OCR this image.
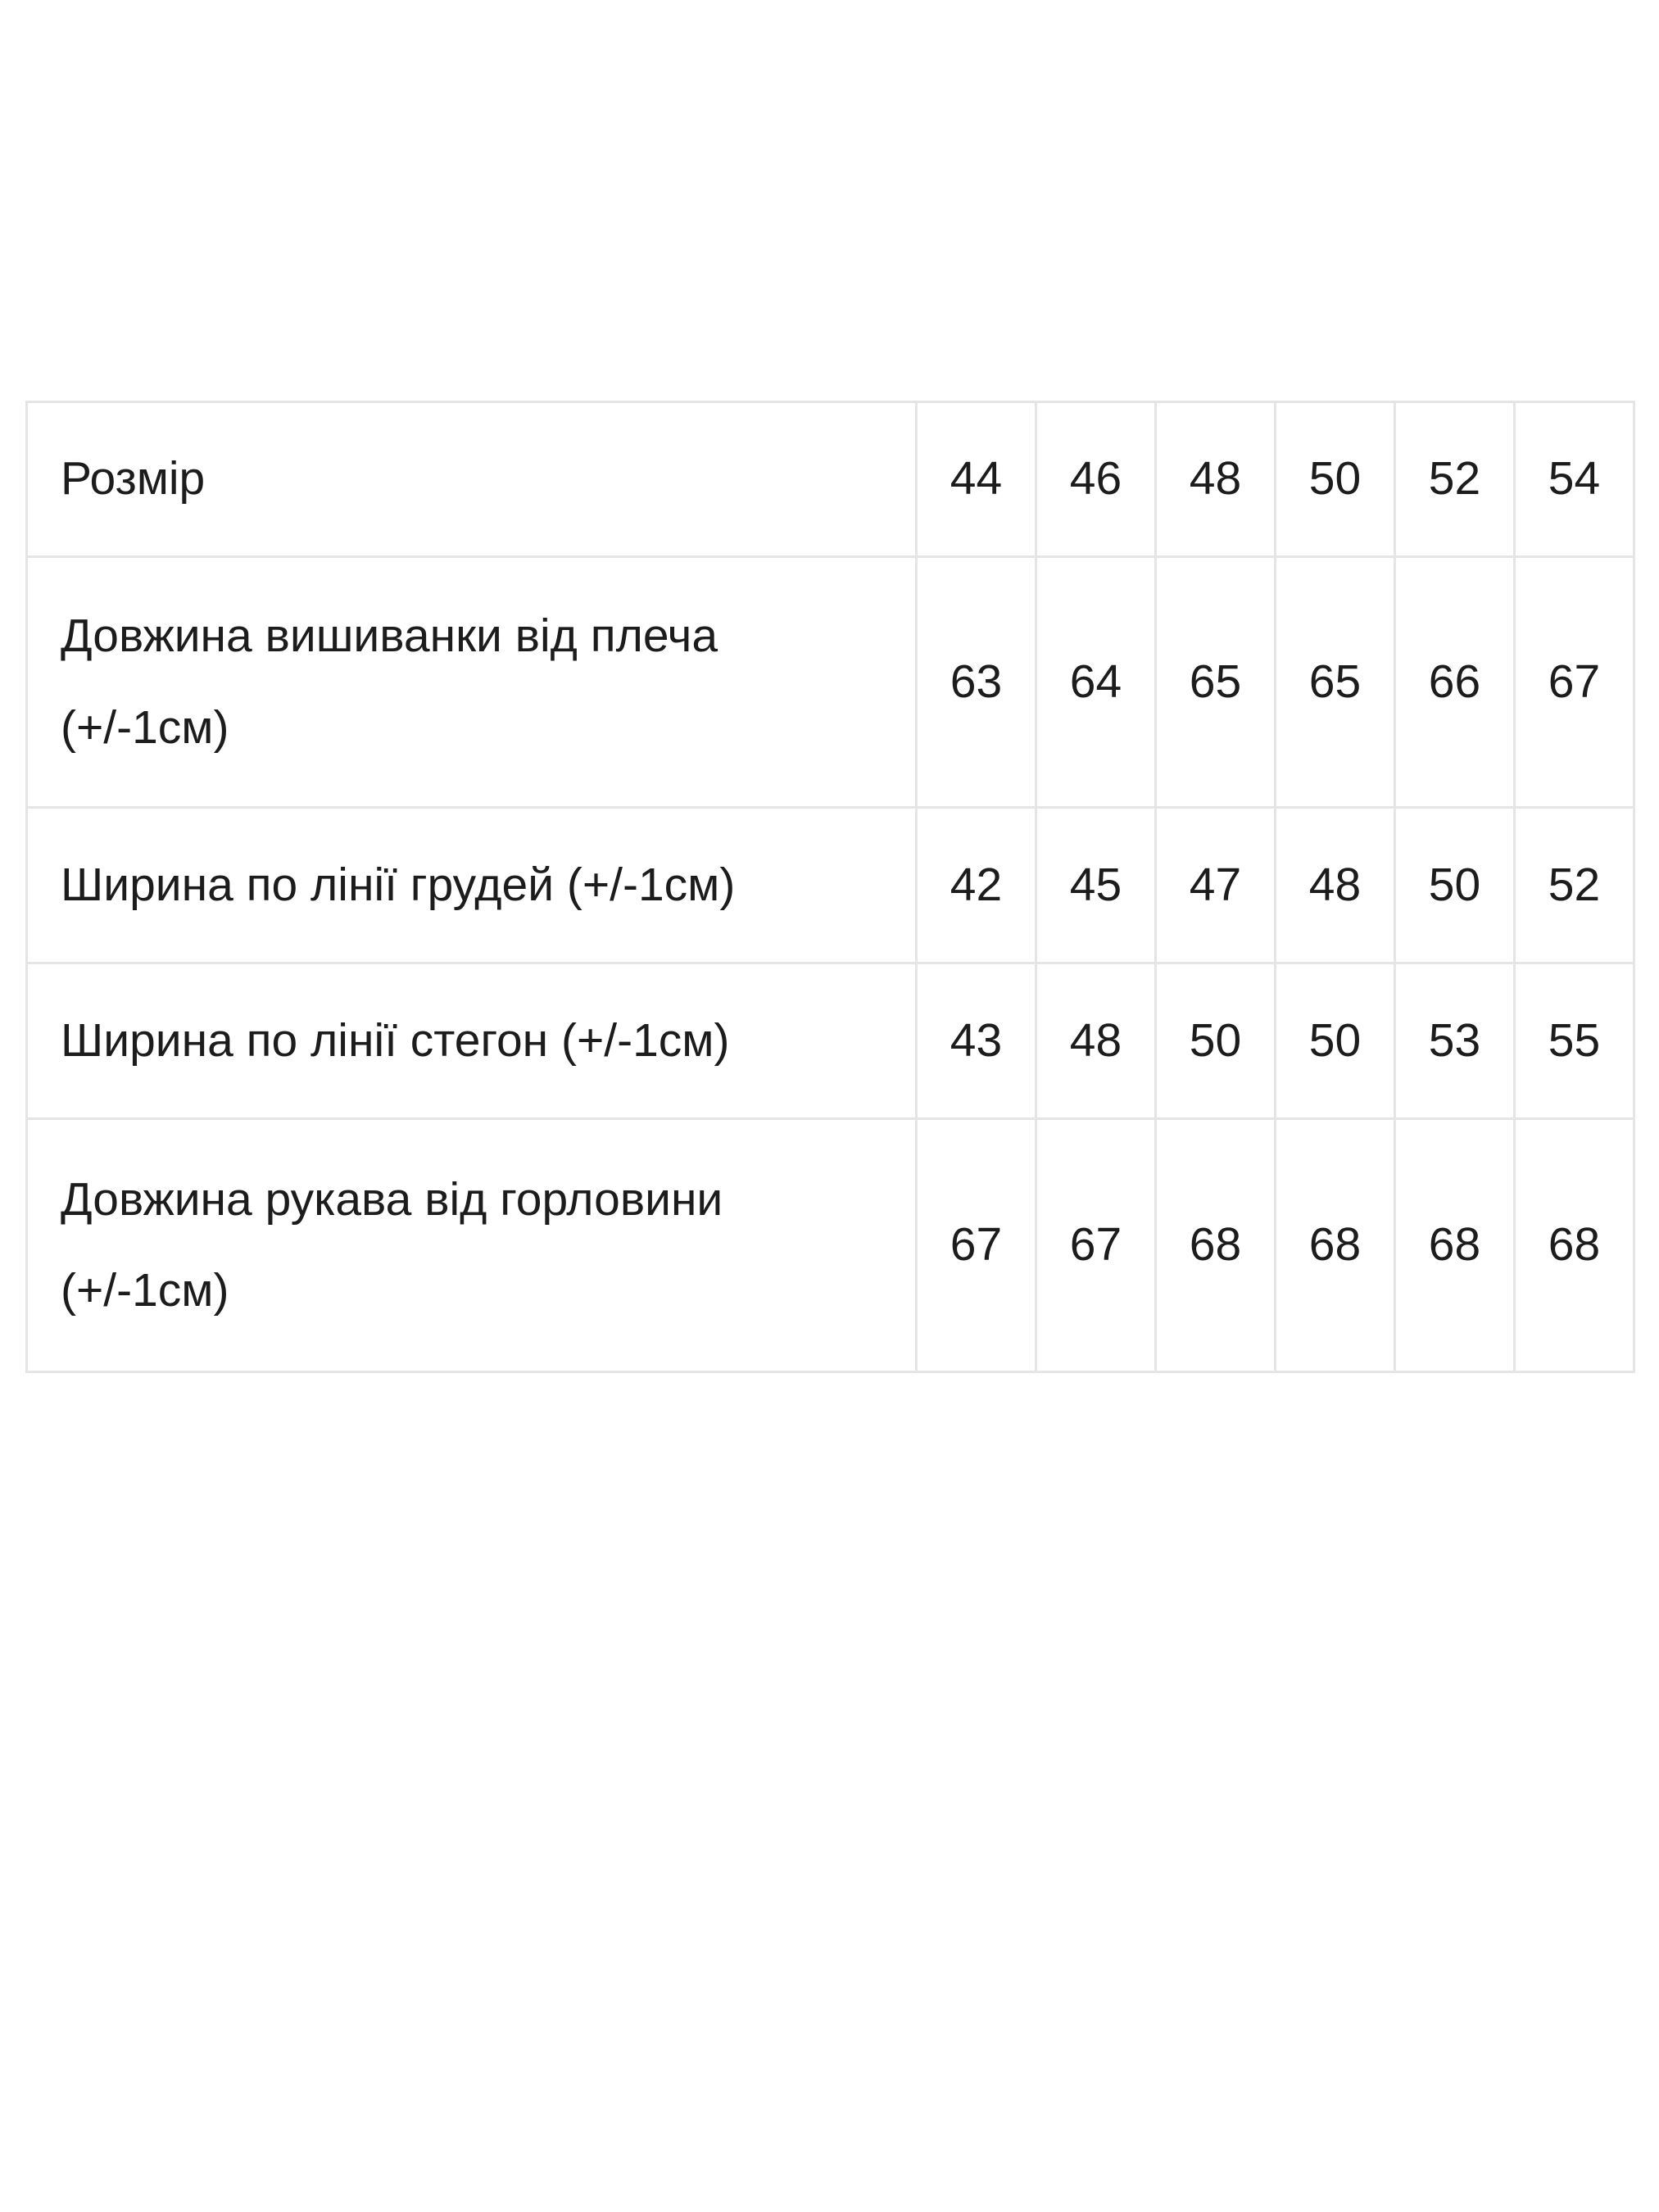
Розмір	44	46	48	50	52	54
Довжина вишиванки від плеча (+/-1см)	63	64	65	65	66	67
Ширина по лінії грудей (+/-1см)	42	45	47	48	50	52
Ширина по лінії стегон (+/-1см)	43	48	50	50	53	55
Довжина рукава від горловини (+/-1см)	67	67	68	68	68	68
